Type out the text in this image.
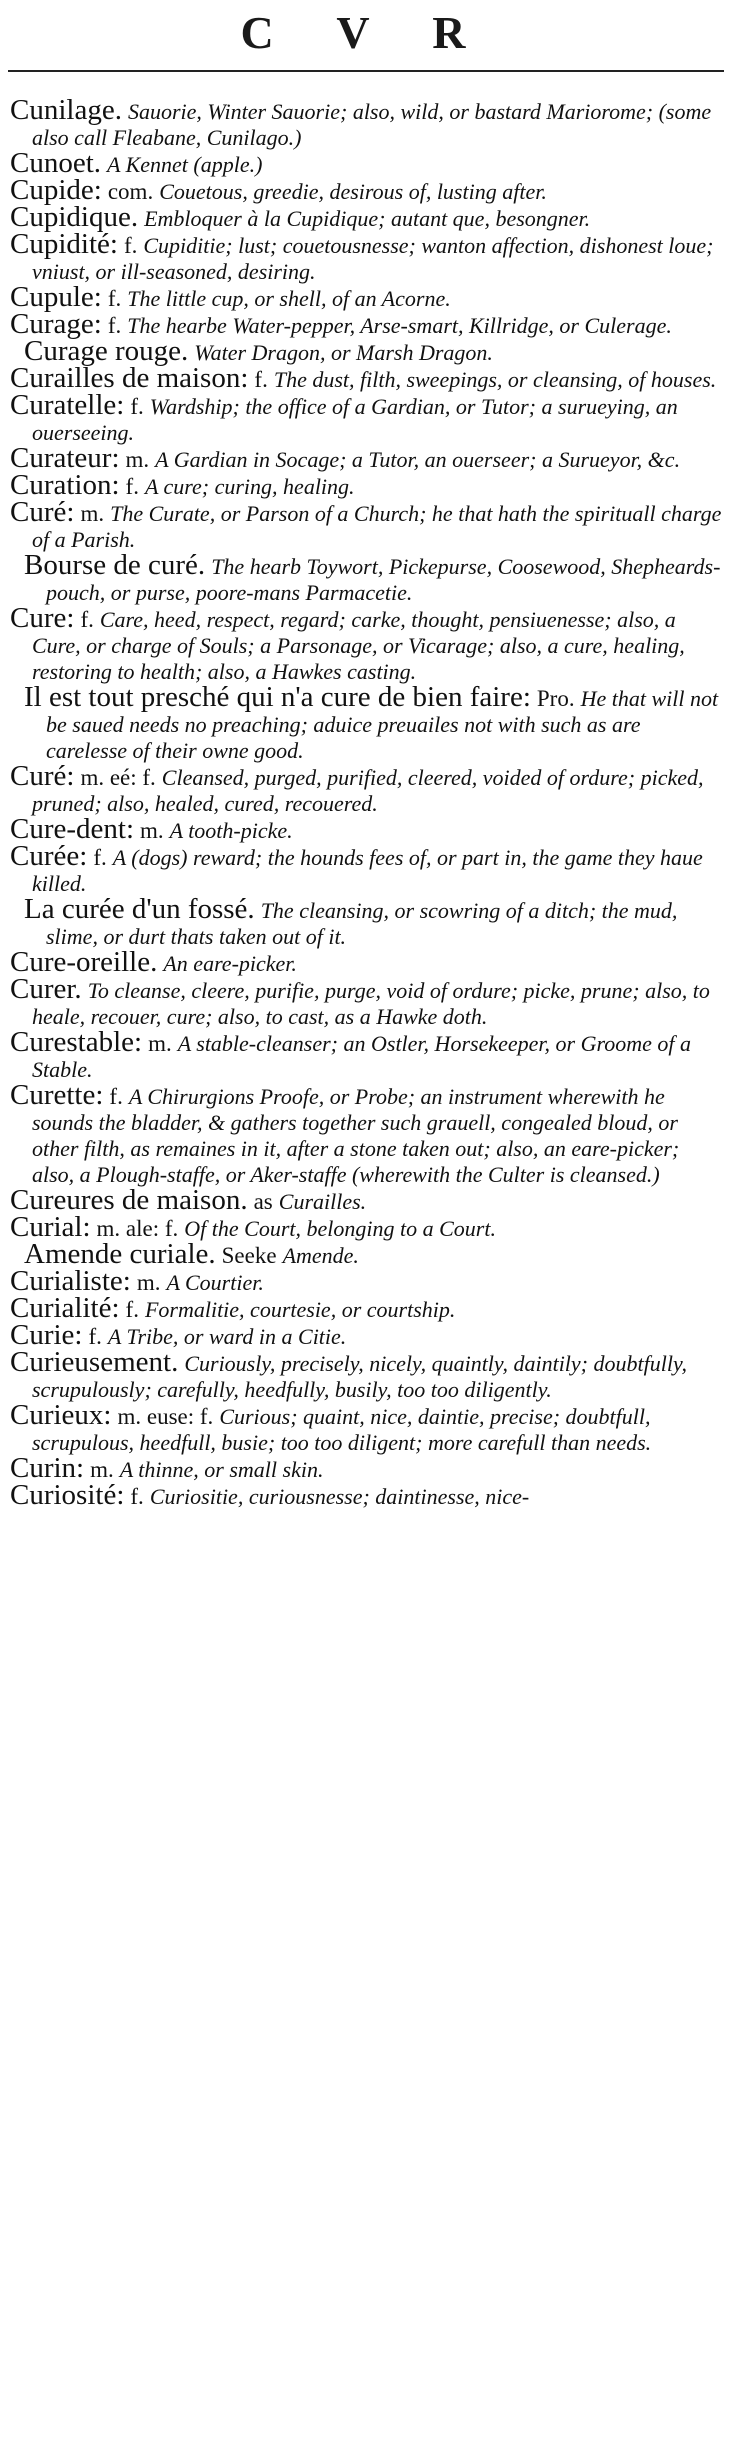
C V R
Cunilage. Sauorie, Winter Sauorie; also, wild, or bastard Mariorome; (some also call Fleabane, Cunilago.)
Cunoet. A Kennet (apple.)
Cupide: com. Couetous, greedie, desirous of, lusting after.
Cupidique. Embloquer à la Cupidique; autant que, besongner.
Cupidité: f. Cupiditie; lust; couetousnesse; wanton affection, dishonest loue; vniust, or ill-seasoned, desiring.
Cupule: f. The little cup, or shell, of an Acorne.
Curage: f. The hearbe Water-pepper, Arse-smart, Killridge, or Culerage.
Curage rouge. Water Dragon, or Marsh Dragon.
Curailles de maison: f. The dust, filth, sweepings, or cleansing, of houses.
Curatelle: f. Wardship; the office of a Gardian, or Tutor; a surueying, an ouerseeing.
Curateur: m. A Gardian in Socage; a Tutor, an ouerseer; a Surueyor, &c.
Curation: f. A cure; curing, healing.
Curé: m. The Curate, or Parson of a Church; he that hath the spirituall charge of a Parish.
Bourse de curé. The hearb Toywort, Pickepurse, Coosewood, Shepheards-pouch, or purse, poore-mans Parmacetie.
Cure: f. Care, heed, respect, regard; carke, thought, pensiuenesse; also, a Cure, or charge of Souls; a Parsonage, or Vicarage; also, a cure, healing, restoring to health; also, a Hawkes casting.
Il est tout presché qui n'a cure de bien faire: Pro. He that will not be saued needs no preaching; aduice preuailes not with such as are carelesse of their owne good.
Curé: m. eé: f. Cleansed, purged, purified, cleered, voided of ordure; picked, pruned; also, healed, cured, recouered.
Cure-dent: m. A tooth-picke.
Curée: f. A (dogs) reward; the hounds fees of, or part in, the game they haue killed.
La curée d'un fossé. The cleansing, or scowring of a ditch; the mud, slime, or durt thats taken out of it.
Cure-oreille. An eare-picker.
Curer. To cleanse, cleere, purifie, purge, void of ordure; picke, prune; also, to heale, recouer, cure; also, to cast, as a Hawke doth.
Curestable: m. A stable-cleanser; an Ostler, Horsekeeper, or Groome of a Stable.
Curette: f. A Chirurgions Proofe, or Probe; an instrument wherewith he sounds the bladder, & gathers together such grauell, congealed bloud, or other filth, as remaines in it, after a stone taken out; also, an eare-picker; also, a Plough-staffe, or Aker-staffe (wherewith the Culter is cleansed.)
Cureures de maison. as Curailles.
Curial: m. ale: f. Of the Court, belonging to a Court.
Amende curiale. Seeke Amende.
Curialiste: m. A Courtier.
Curialité: f. Formalitie, courtesie, or courtship.
Curie: f. A Tribe, or ward in a Citie.
Curieusement. Curiously, precisely, nicely, quaintly, daintily; doubtfully, scrupulously; carefully, heedfully, busily, too too diligently.
Curieux: m. euse: f. Curious; quaint, nice, daintie, precise; doubtfull, scrupulous, heedfull, busie; too too diligent; more carefull than needs.
Curin: m. A thinne, or small skin.
Curiosité: f. Curiositie, curiousnesse; daintinesse, nice-
